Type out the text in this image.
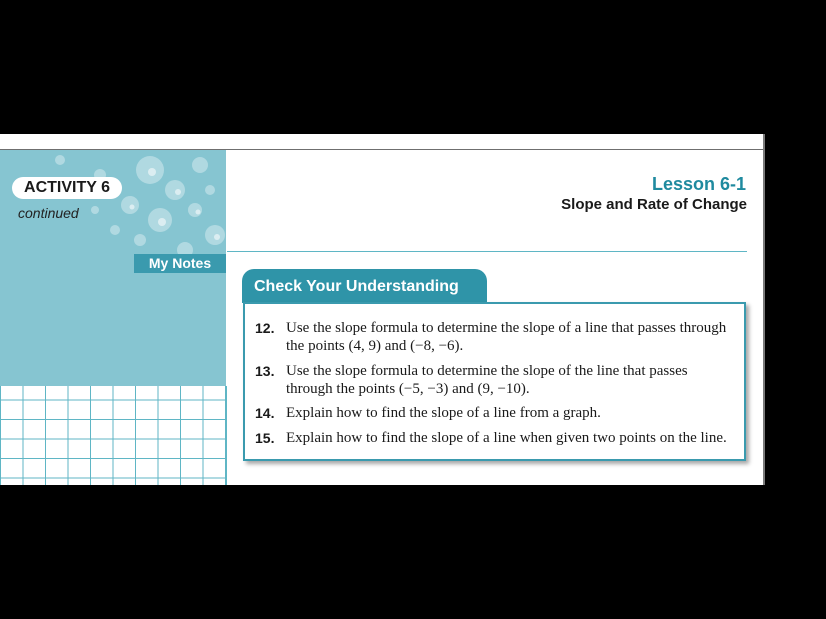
ACTIVITY 6
continued
My Notes
Lesson 6-1
Slope and Rate of Change
Check Your Understanding
12. Use the slope formula to determine the slope of a line that passes through the points (4, 9) and (−8, −6).
13. Use the slope formula to determine the slope of the line that passes through the points (−5, −3) and (9, −10).
14. Explain how to find the slope of a line from a graph.
15. Explain how to find the slope of a line when given two points on the line.
